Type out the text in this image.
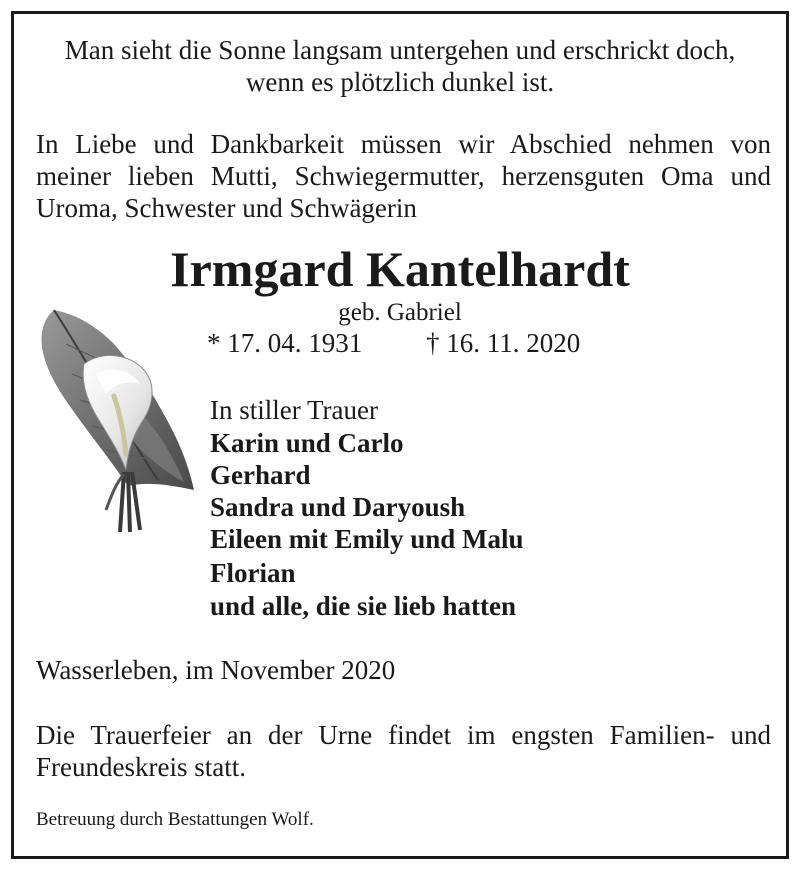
Man sieht die Sonne langsam untergehen und erschrickt doch,
wenn es plötzlich dunkel ist.
In Liebe und Dankbarkeit müssen wir Abschied nehmen von
meiner lieben Mutti, Schwiegermutter, herzensguten Oma und
Uroma, Schwester und Schwägerin
Irmgard Kantelhardt
geb. Gabriel
* 17. 04. 1931 † 16. 11. 2020
In stiller Trauer
Karin und Carlo
Gerhard
Sandra und Daryoush
Eileen mit Emily und Malu
Florian
und alle, die sie lieb hatten
Wasserleben, im November 2020
Die Trauerfeier an der Urne findet im engsten Familien- und
Freundeskreis statt.
Betreuung durch Bestattungen Wolf.
